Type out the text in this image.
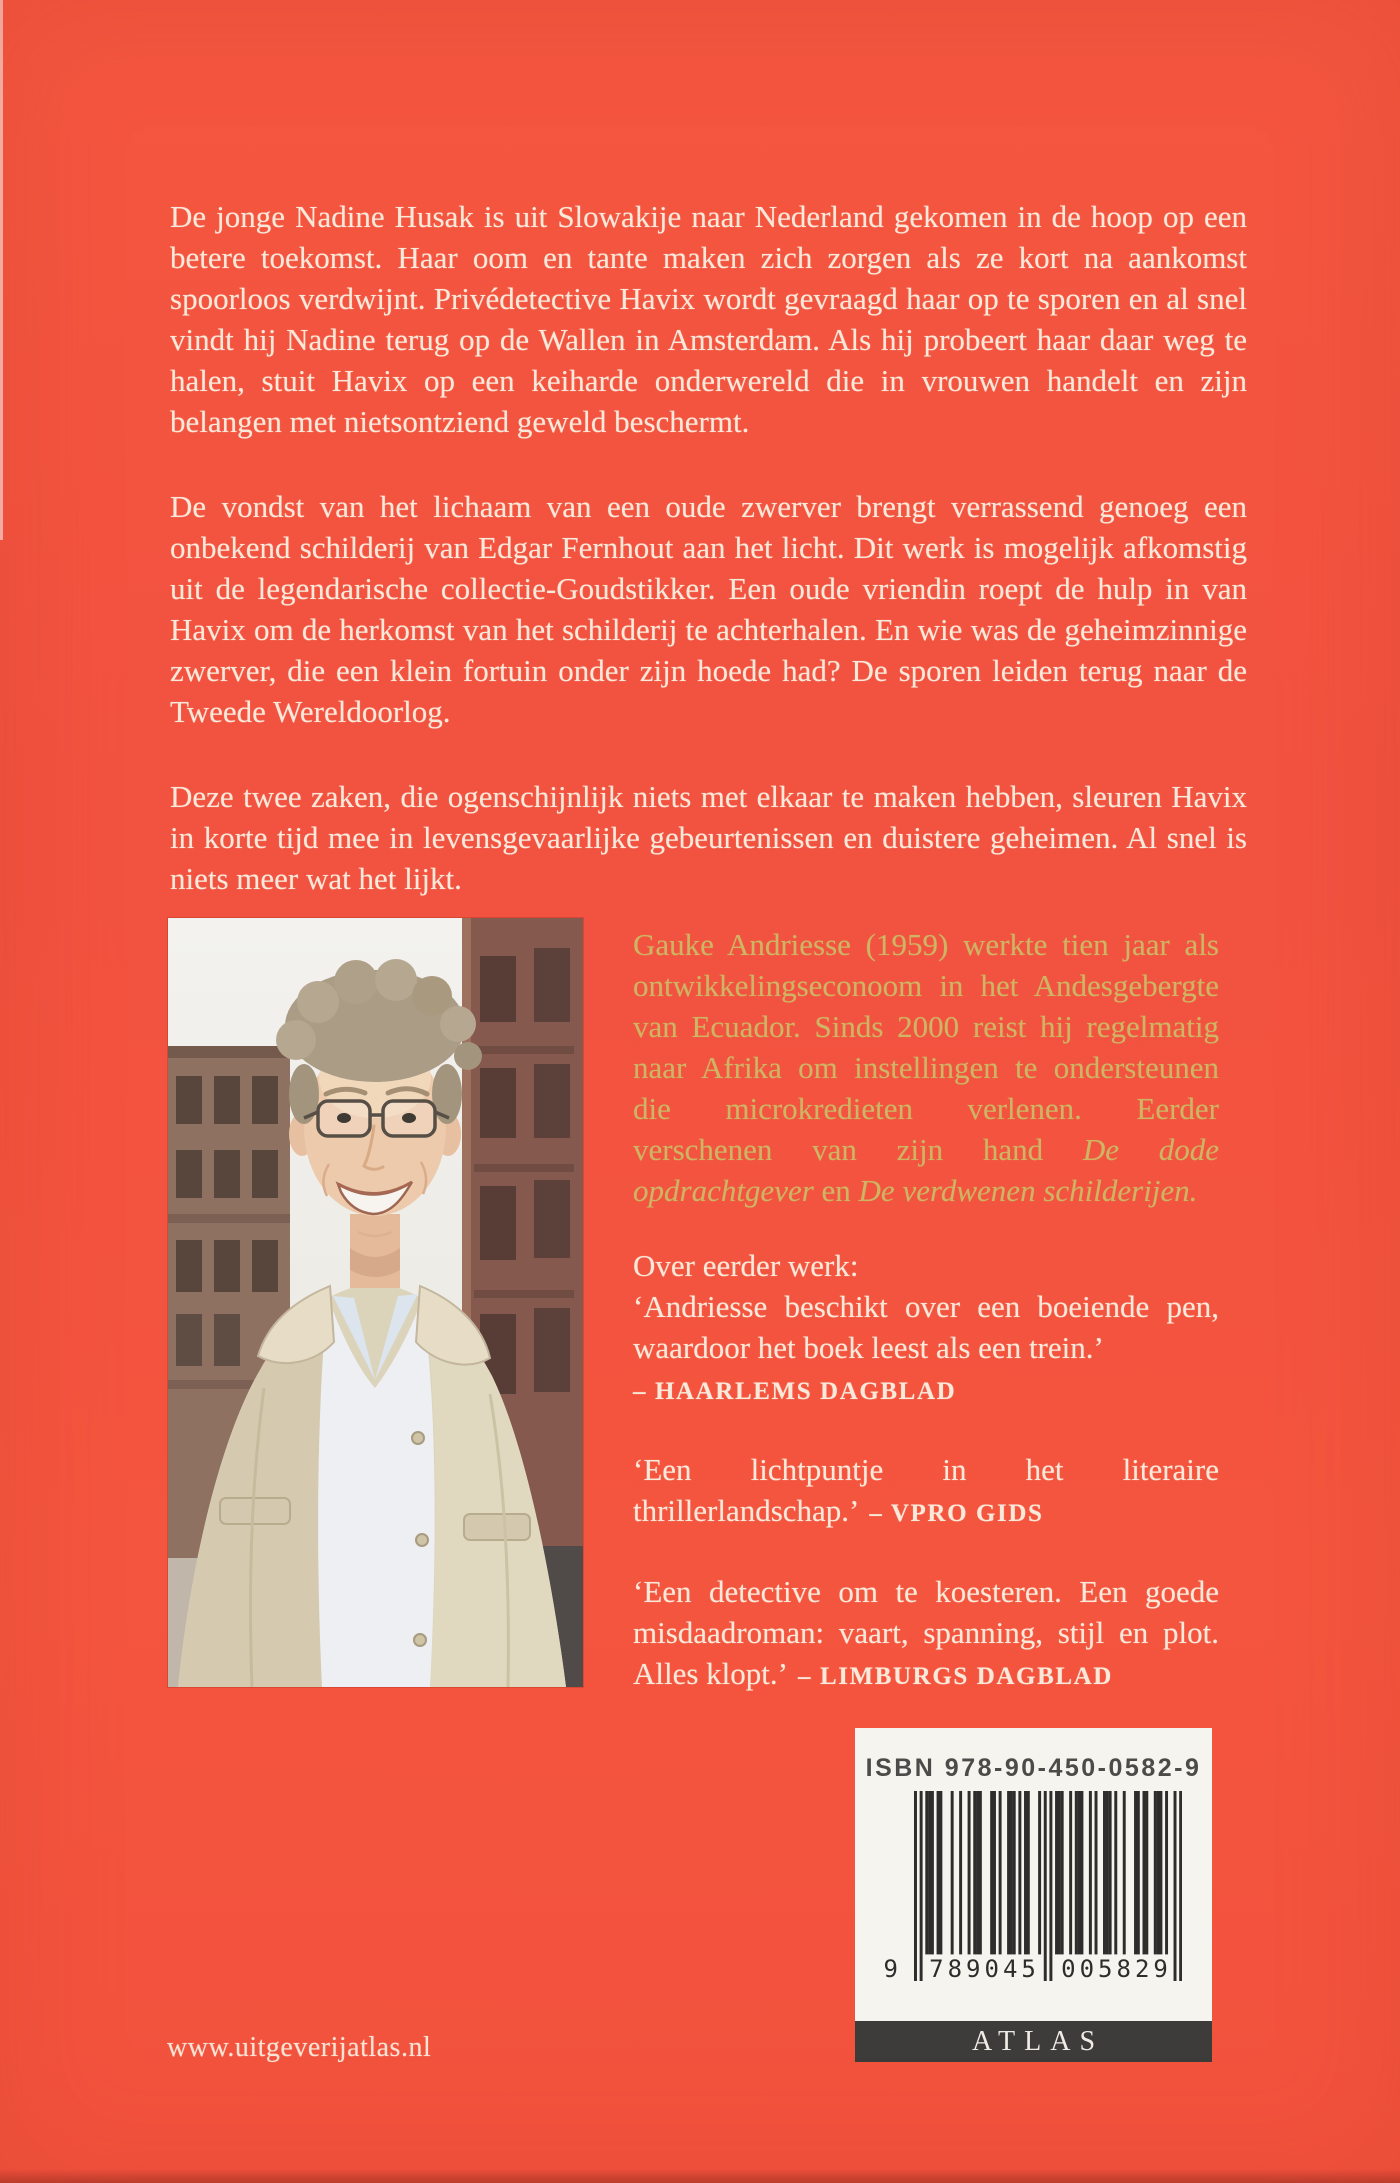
De jonge Nadine Husak is uit Slowakije naar Nederland gekomen in de hoop op een betere toekomst. Haar oom en tante maken zich zorgen als ze kort na aankomst spoorloos verdwijnt. Privédetective Havix wordt gevraagd haar op te sporen en al snel vindt hij Nadine terug op de Wallen in Amsterdam. Als hij probeert haar daar weg te halen, stuit Havix op een keiharde onderwereld die in vrouwen handelt en zijn belangen met nietsontziend geweld beschermt.

De vondst van het lichaam van een oude zwerver brengt verrassend genoeg een onbekend schilderij van Edgar Fernhout aan het licht. Dit werk is mogelijk afkomstig uit de legendarische collectie-Goudstikker. Een oude vriendin roept de hulp in van Havix om de herkomst van het schilderij te achterhalen. En wie was de geheimzinnige zwerver, die een klein fortuin onder zijn hoede had? De sporen leiden terug naar de Tweede Wereldoorlog.

Deze twee zaken, die ogenschijnlijk niets met elkaar te maken hebben, sleuren Havix in korte tijd mee in levensgevaarlijke gebeurtenissen en duistere geheimen. Al snel is niets meer wat het lijkt.

Gauke Andriesse (1959) werkte tien jaar als ontwikkelingseconoom in het Andesgebergte van Ecuador. Sinds 2000 reist hij regelmatig naar Afrika om instellingen te ondersteunen die microkredieten verlenen. Eerder verschenen van zijn hand De dode opdrachtgever en De verdwenen schilderijen.

Over eerder werk:

‘Andriesse beschikt over een boeiende pen, waardoor het boek leest als een trein.’

– HAARLEMS DAGBLAD

‘Een lichtpuntje in het literaire thrillerlandschap.’ – VPRO GIDS

‘Een detective om te koesteren. Een goede misdaadroman: vaart, spanning, stijl en plot. Alles klopt.’ – LIMBURGS DAGBLAD

ISBN 978-90-450-0582-9
9 789045 005829
ATLAS
www.uitgeverijatlas.nl
